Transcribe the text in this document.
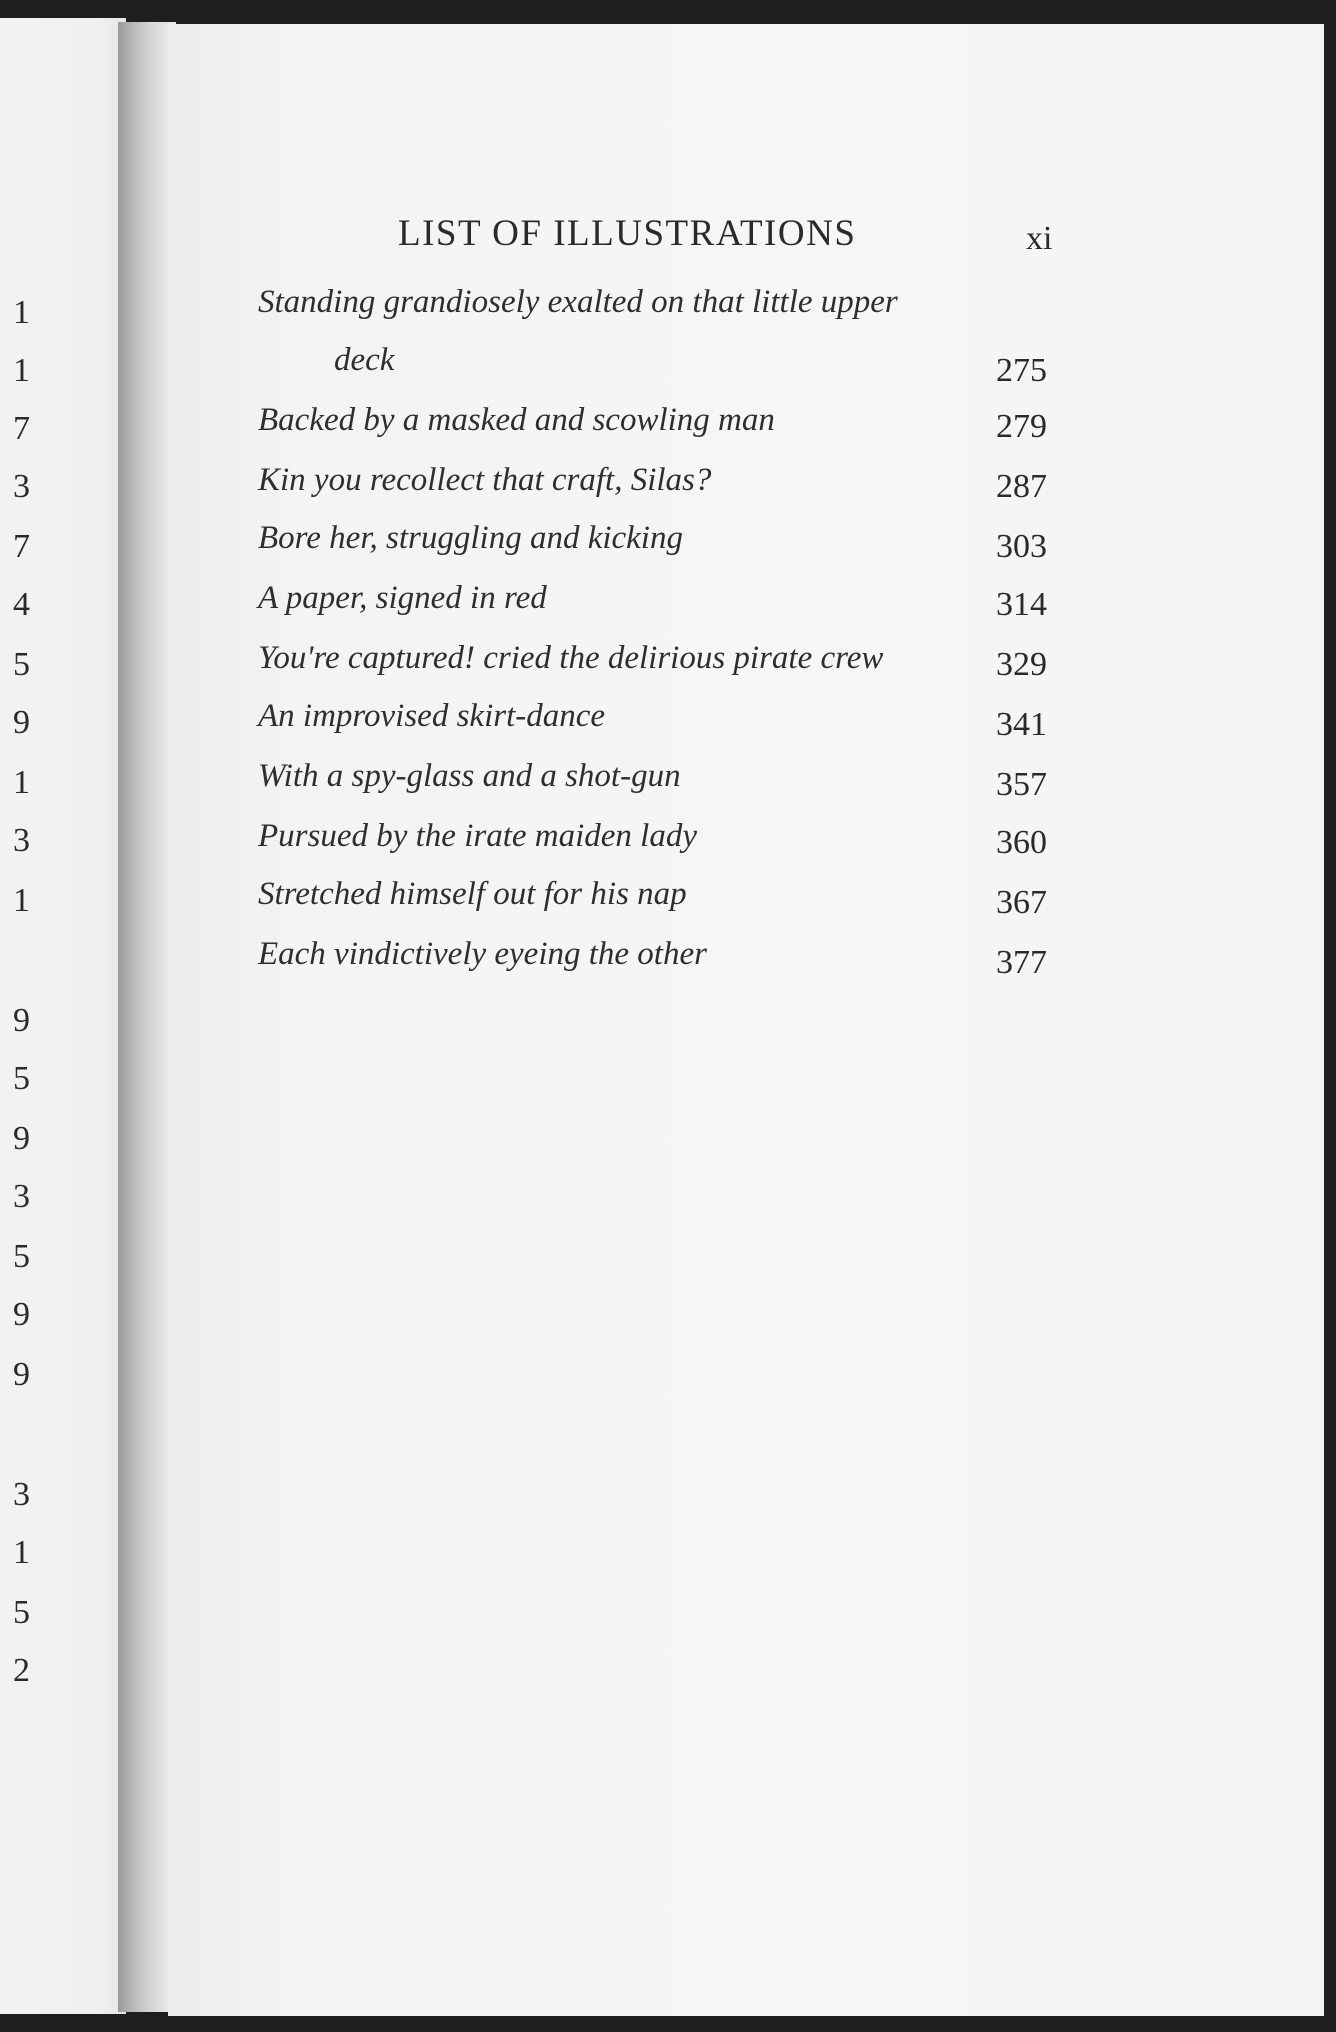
1
1
7
3
7
4
5
9
1
3
1
9
5
9
3
5
9
9
3
1
5
2
LIST OF ILLUSTRATIONS	xi
Standing grandiosely exalted on that little upper
deck	275
Backed by a masked and scowling man	279
Kin you recollect that craft, Silas?	287
Bore her, struggling and kicking	303
A paper, signed in red	314
You're captured! cried the delirious pirate crew	329
An improvised skirt-dance	341
With a spy-glass and a shot-gun	357
Pursued by the irate maiden lady	360
Stretched himself out for his nap	367
Each vindictively eyeing the other	377
